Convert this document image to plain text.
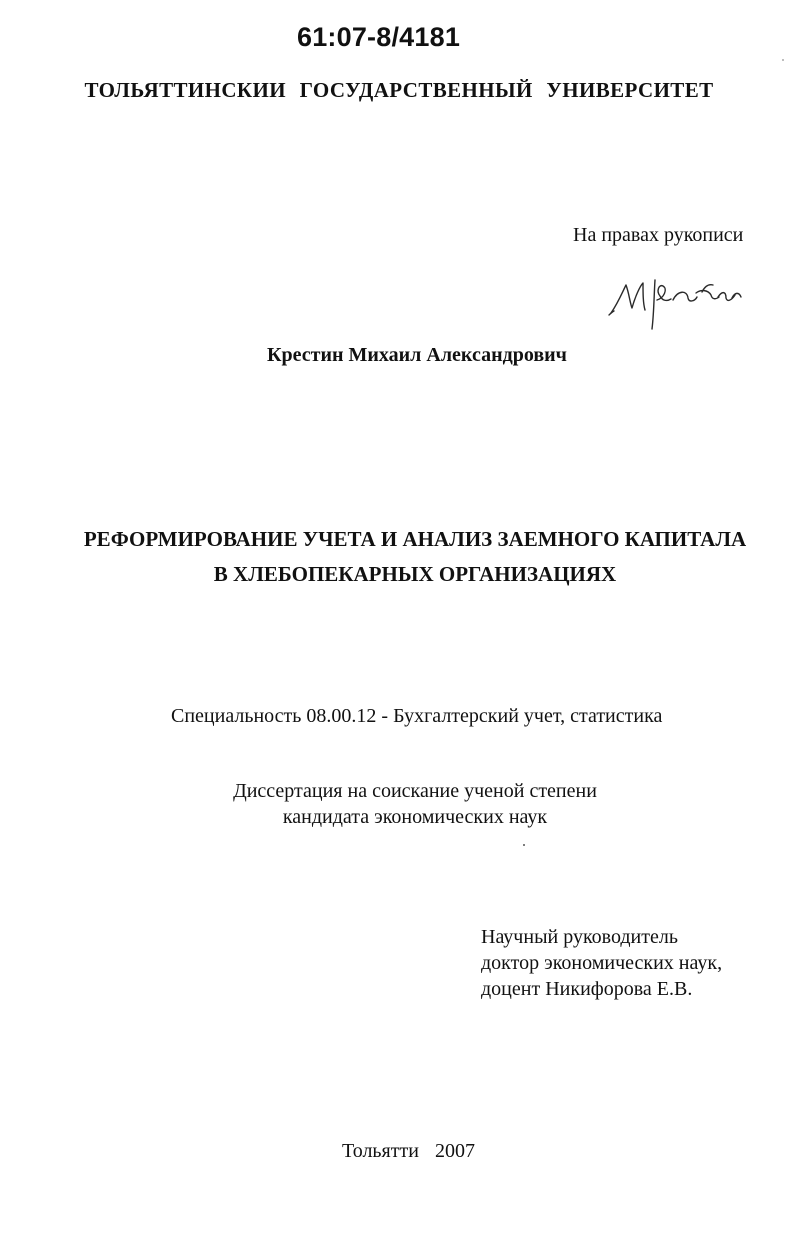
61:07-8/4181
ТОЛЬЯТТИНСКИИ ГОСУДАРСТВЕННЫЙ УНИВЕРСИТЕТ
На правах рукописи
Крестин Михаил Александрович
РЕФОРМИРОВАНИЕ УЧЕТА И АНАЛИЗ ЗАЕМНОГО КАПИТАЛА
В ХЛЕБОПЕКАРНЫХ ОРГАНИЗАЦИЯХ
Специальность 08.00.12 - Бухгалтерский учет, статистика
Диссертация на соискание ученой степени
кандидата экономических наук
Научный руководитель
доктор экономических наук,
доцент Никифорова Е.В.
Тольятти 2007
